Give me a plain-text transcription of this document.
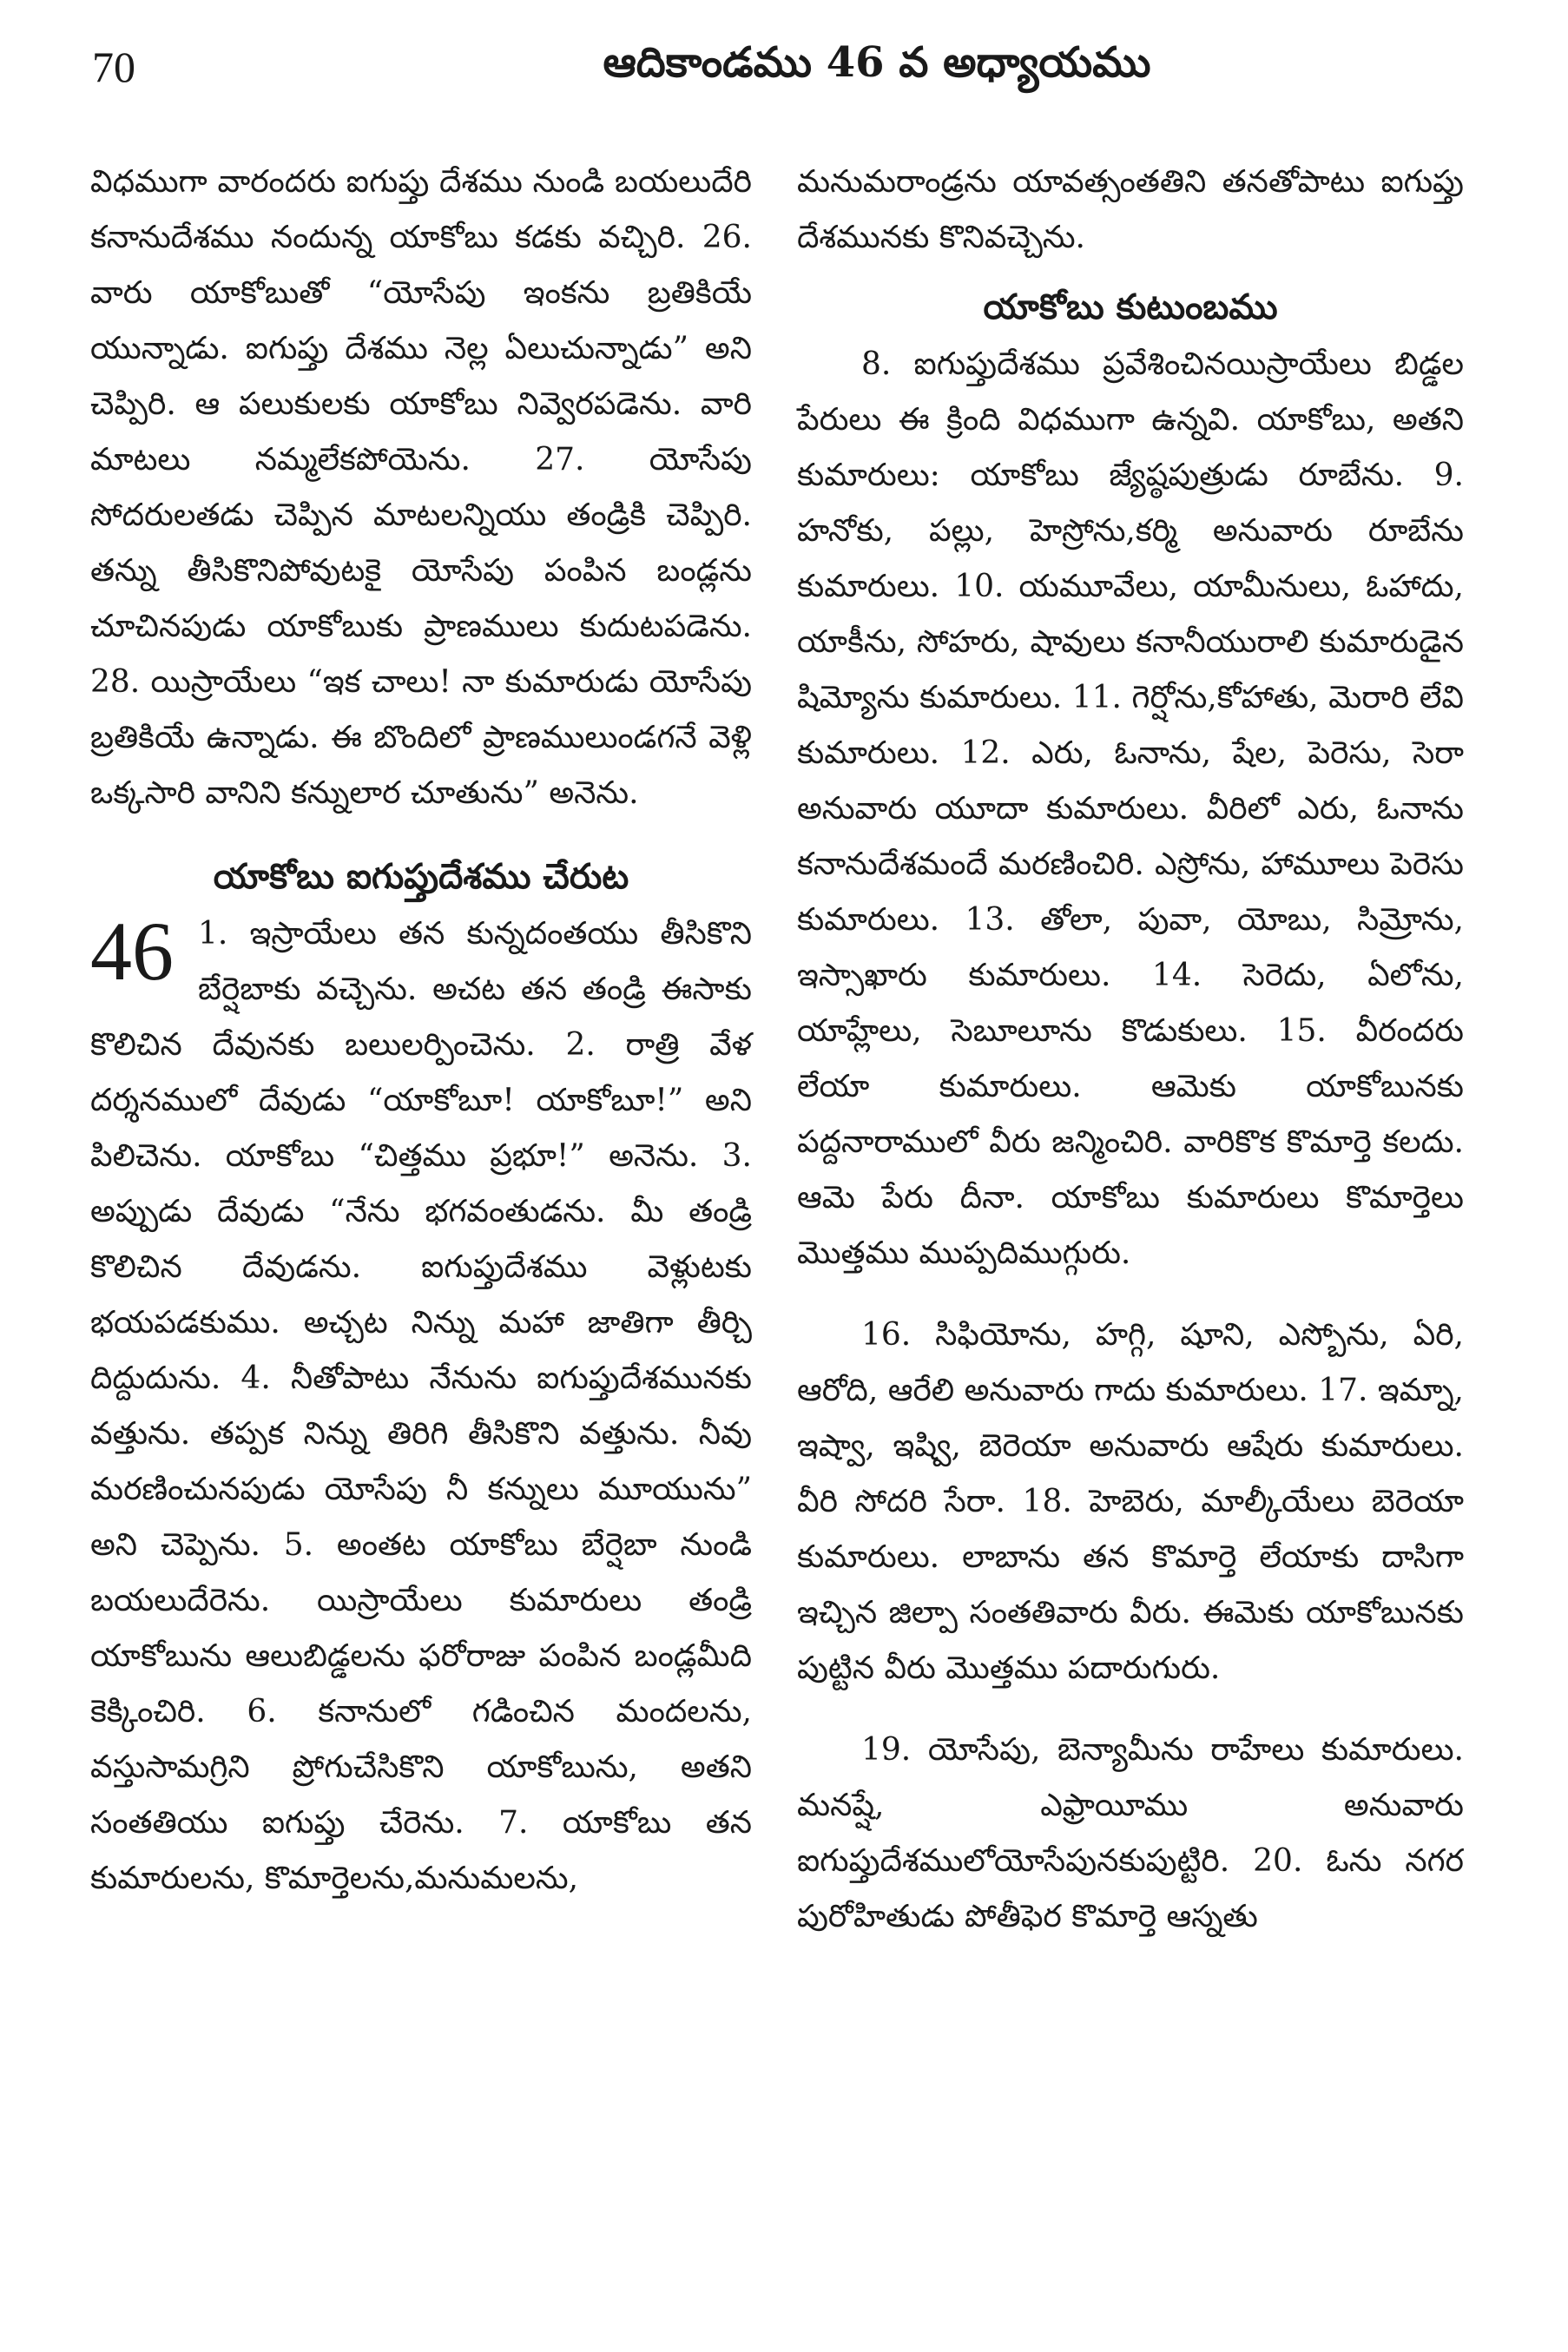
70	ఆదికాండము 46 వ అధ్యాయము

విధముగా వారందరు ఐగుప్తు దేశము నుండి బయలుదేరి కనానుదేశము నందున్న యాకోబు కడకు వచ్చిరి. 26. వారు యాకోబుతో “యోసేపు ఇంకను బ్రతికియే యున్నాడు. ఐగుప్తు దేశము నెల్ల ఏలుచున్నాడు” అని చెప్పిరి. ఆ పలుకులకు యాకోబు నివ్వెరపడెను. వారి మాటలు నమ్మలేకపోయెను. 27. యోసేపు సోదరులతడు చెప్పిన మాటలన్నియు తండ్రికి చెప్పిరి. తన్ను తీసికొనిపోవుటకై యోసేపు పంపిన బండ్లను చూచినపుడు యాకోబుకు ప్రాణములు కుదుటపడెను. 28. యిస్రాయేలు “ఇక చాలు! నా కుమారుడు యోసేపు బ్రతికియే ఉన్నాడు. ఈ బొందిలో ప్రాణములుండగనే వెళ్లి ఒక్కసారి వానిని కన్నులార చూతును” అనెను.

యాకోబు ఐగుప్తుదేశము చేరుట
46 1. ఇస్రాయేలు తన కున్నదంతయు తీసికొని బేర్షెబాకు వచ్చెను. అచట తన తండ్రి ఈసాకు కొలిచిన దేవునకు బలులర్పించెను. 2. రాత్రి వేళ దర్శనములో దేవుడు “యాకోబూ! యాకోబూ!” అని పిలిచెను. యాకోబు “చిత్తము ప్రభూ!” అనెను. 3. అప్పుడు దేవుడు “నేను భగవంతుడను. మీ తండ్రి కొలిచిన దేవుడను. ఐగుప్తుదేశము వెళ్లుటకు భయపడకుము. అచ్చట నిన్ను మహా జాతిగా తీర్చి దిద్దుదును. 4. నీతోపాటు నేనును ఐగుప్తుదేశమునకు వత్తును. తప్పక నిన్ను తిరిగి తీసికొని వత్తును. నీవు మరణించునపుడు యోసేపు నీ కన్నులు మూయును” అని చెప్పెను. 5. అంతట యాకోబు బేర్షెబా నుండి బయలుదేరెను. యిస్రాయేలు కుమారులు తండ్రి యాకోబును ఆలుబిడ్డలను ఫరోరాజు పంపిన బండ్లమీది కెక్కించిరి. 6. కనానులో గడించిన మందలను, వస్తుసామగ్రిని ప్రోగుచేసికొని యాకోబును, అతని సంతతియు ఐగుప్తు చేరెను. 7. యాకోబు తన కుమారులను, కొమార్తెలను,మనుమలను,

మనుమరాండ్రను యావత్సంతతిని తనతోపాటు ఐగుప్తు దేశమునకు కొనివచ్చెను.

యాకోబు కుటుంబము

8. ఐగుప్తుదేశము ప్రవేశించినయిస్రాయేలు బిడ్డల పేరులు ఈ క్రింది విధముగా ఉన్నవి. యాకోబు, అతని కుమారులు: యాకోబు జ్యేష్ఠపుత్రుడు రూబేను. 9. హనోకు, పల్లు, హెస్రోను,కర్మి అనువారు రూబేను కుమారులు. 10. యమూవేలు, యామీనులు, ఓహాదు, యాకీను, సోహరు, షావులు కనానీయురాలి కుమారుడైన షిమ్యోను కుమారులు. 11. గెర్షోను,కోహాతు, మెరారి లేవి కుమారులు. 12. ఎరు, ఓనాను, షేల, పెరెసు, సెరా అనువారు యూదా కుమారులు. వీరిలో ఎరు, ఓనాను కనానుదేశమందే మరణించిరి. ఎస్రోను, హామూలు పెరెసు కుమారులు. 13. తోలా, పువా, యోబు, సిమ్రోను, ఇస్సాఖారు కుమారులు. 14. సెరెదు, ఏలోను, యాహ్లేలు, సెబూలూను కొడుకులు. 15. వీరందరు లేయా కుమారులు. ఆమెకు యాకోబునకు పద్దనారాములో వీరు జన్మించిరి. వారికొక కొమార్తె కలదు. ఆమె పేరు దీనా. యాకోబు కుమారులు కొమార్తెలు మొత్తము ముప్పదిముగ్గురు.

16. సిఫియోను, హగ్గి, షూని, ఎస్బోను, ఏరి, ఆరోది, ఆరేలి అనువారు గాదు కుమారులు. 17. ఇమ్నా, ఇష్వా, ఇష్వి, బెరెయా అనువారు ఆషేరు కుమారులు. వీరి సోదరి సేరా. 18. హెబెరు, మాల్కీయేలు బెరెయా కుమారులు. లాబాను తన కొమార్తె లేయాకు దాసిగా ఇచ్చిన జిల్పా సంతతివారు వీరు. ఈమెకు యాకోబునకు పుట్టిన వీరు మొత్తము పదారుగురు.

19. యోసేపు, బెన్యామీను రాహేలు కుమారులు. మనష్షే, ఎఫ్రాయీము అనువారు ఐగుప్తుదేశములోయోసేపునకుపుట్టిరి. 20. ఓను నగర పురోహితుడు పోతీఫెర కొమార్తె ఆస్నతు
